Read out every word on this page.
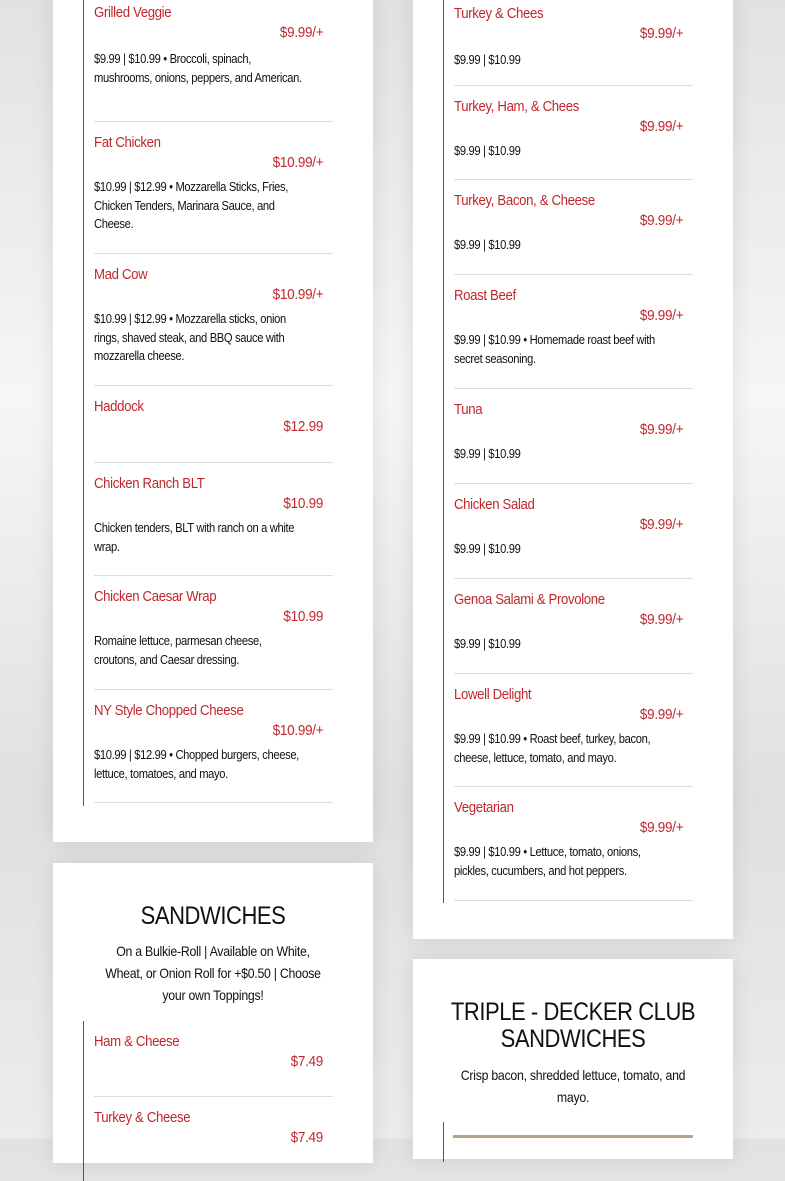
Grilled Veggie
$9.99/+
$9.99 | $10.99 • Broccoli, spinach, mushrooms, onions, peppers, and American.
Fat Chicken
$10.99/+
$10.99 | $12.99 • Mozzarella Sticks, Fries, Chicken Tenders, Marinara Sauce, and Cheese.
Mad Cow
$10.99/+
$10.99 | $12.99 • Mozzarella sticks, onion rings, shaved steak, and BBQ sauce with mozzarella cheese.
Haddock
$12.99
Chicken Ranch BLT
$10.99
Chicken tenders, BLT with ranch on a white wrap.
Chicken Caesar Wrap
$10.99
Romaine lettuce, parmesan cheese, croutons, and Caesar dressing.
NY Style Chopped Cheese
$10.99/+
$10.99 | $12.99 • Chopped burgers, cheese, lettuce, tomatoes, and mayo.
SANDWICHES
On a Bulkie-Roll | Available on White, Wheat, or Onion Roll for +$0.50 | Choose your own Toppings!
Ham & Cheese
$7.49
Turkey & Cheese
$7.49
Turkey & Chees
$9.99/+
$9.99 | $10.99
Turkey, Ham, & Chees
$9.99/+
$9.99 | $10.99
Turkey, Bacon, & Cheese
$9.99/+
$9.99 | $10.99
Roast Beef
$9.99/+
$9.99 | $10.99 • Homemade roast beef with secret seasoning.
Tuna
$9.99/+
$9.99 | $10.99
Chicken Salad
$9.99/+
$9.99 | $10.99
Genoa Salami & Provolone
$9.99/+
$9.99 | $10.99
Lowell Delight
$9.99/+
$9.99 | $10.99 • Roast beef, turkey, bacon, cheese, lettuce, tomato, and mayo.
Vegetarian
$9.99/+
$9.99 | $10.99 • Lettuce, tomato, onions, pickles, cucumbers, and hot peppers.
TRIPLE - DECKER CLUB
SANDWICHES
Crisp bacon, shredded lettuce, tomato, and mayo.
